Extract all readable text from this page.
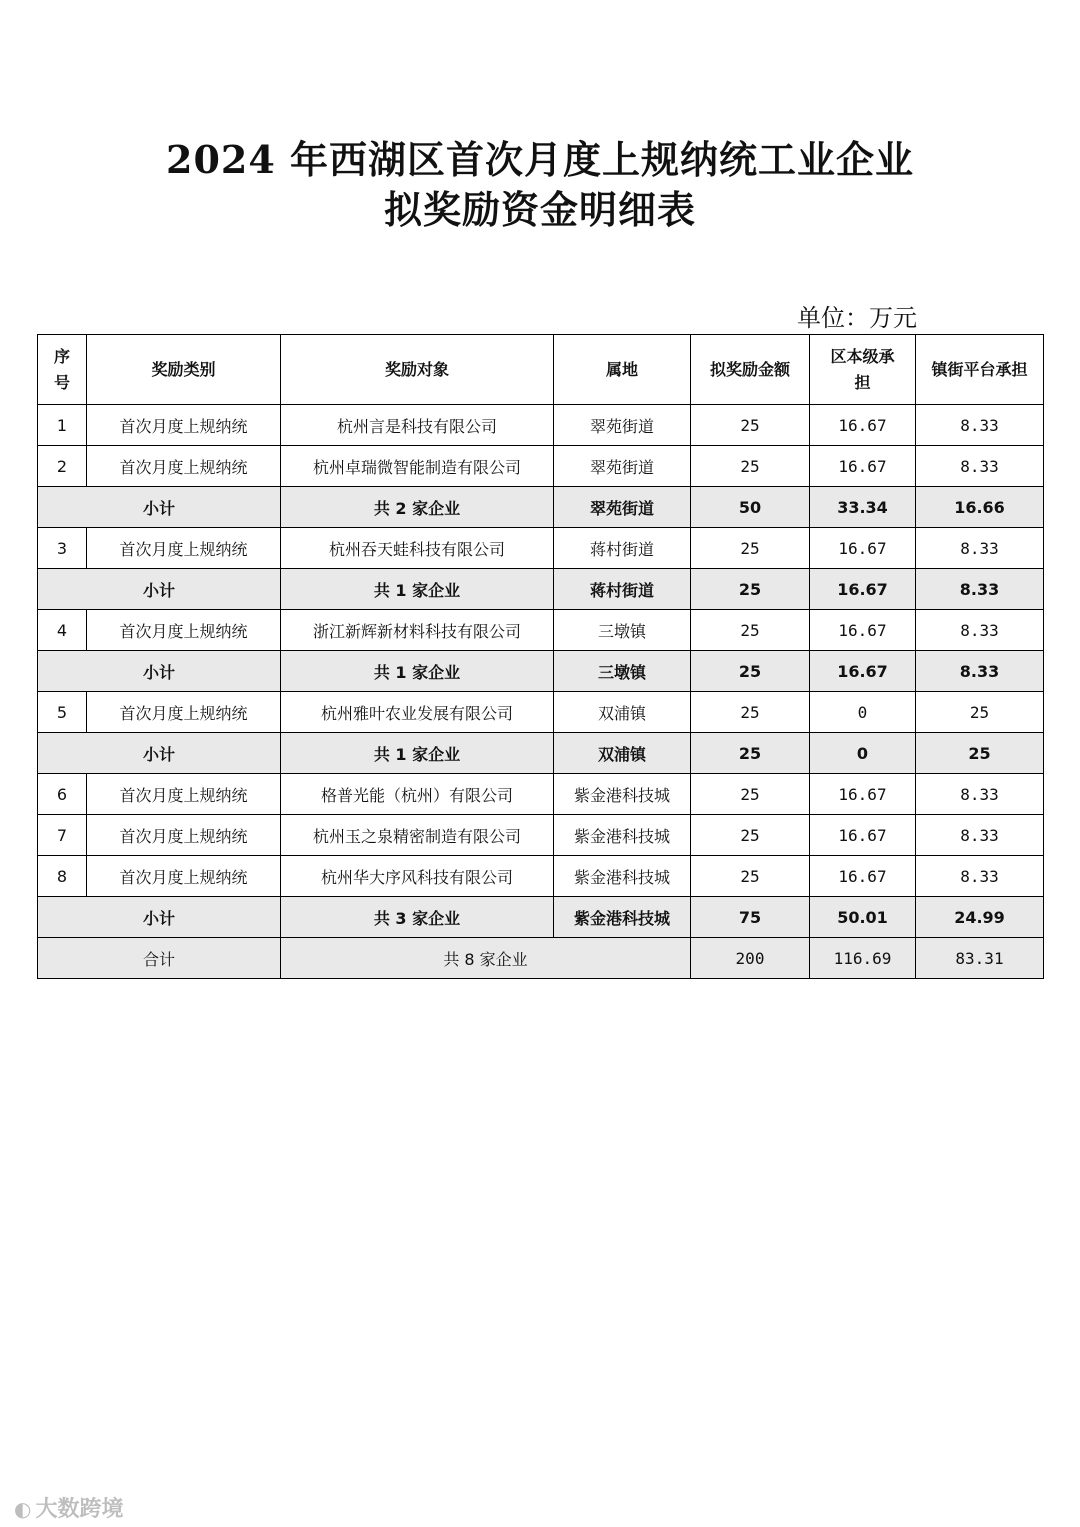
2024 年西湖区首次月度上规纳统工业企业
拟奖励资金明细表
单位：万元
序号	奖励类别	奖励对象	属地	拟奖励金额	区本级承担	镇街平台承担
1	首次月度上规纳统	杭州言是科技有限公司	翠苑街道	25	16.67	8.33
2	首次月度上规纳统	杭州卓瑞微智能制造有限公司	翠苑街道	25	16.67	8.33
小计		共 2 家企业	翠苑街道	50	33.34	16.66
3	首次月度上规纳统	杭州吞天蛙科技有限公司	蒋村街道	25	16.67	8.33
小计		共 1 家企业	蒋村街道	25	16.67	8.33
4	首次月度上规纳统	浙江新辉新材料科技有限公司	三墩镇	25	16.67	8.33
小计		共 1 家企业	三墩镇	25	16.67	8.33
5	首次月度上规纳统	杭州雅叶农业发展有限公司	双浦镇	25	0	25
小计		共 1 家企业	双浦镇	25	0	25
6	首次月度上规纳统	格普光能（杭州）有限公司	紫金港科技城	25	16.67	8.33
7	首次月度上规纳统	杭州玉之泉精密制造有限公司	紫金港科技城	25	16.67	8.33
8	首次月度上规纳统	杭州华大序风科技有限公司	紫金港科技城	25	16.67	8.33
小计		共 3 家企业	紫金港科技城	75	50.01	24.99
合计		共 8 家企业		200	116.69	83.31
◐ 大数跨境
